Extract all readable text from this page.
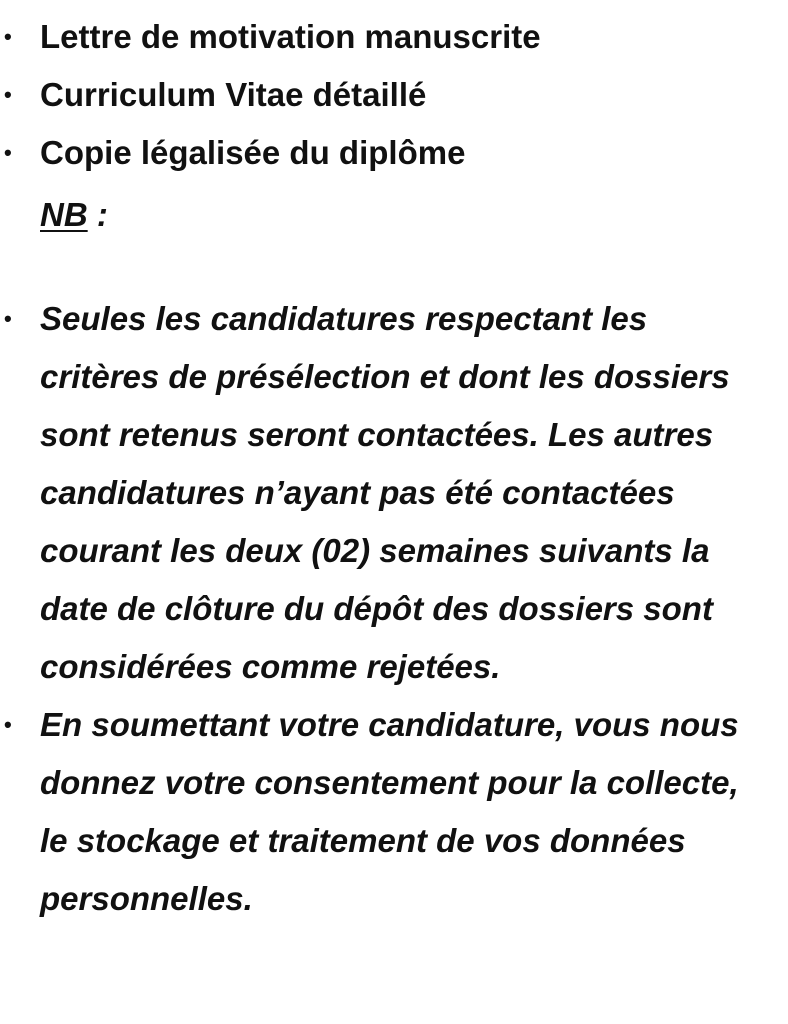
• Lettre de motivation manuscrite
• Curriculum Vitae détaillé
• Copie légalisée du diplôme
NB :
• Seules les candidatures respectant les critères de présélection et dont les dossiers sont retenus seront contactées. Les autres candidatures n’ayant pas été contactées courant les deux (02) semaines suivants la date de clôture du dépôt des dossiers sont considérées comme rejetées.
• En soumettant votre candidature, vous nous donnez votre consentement pour la collecte, le stockage et traitement de vos données personnelles.
